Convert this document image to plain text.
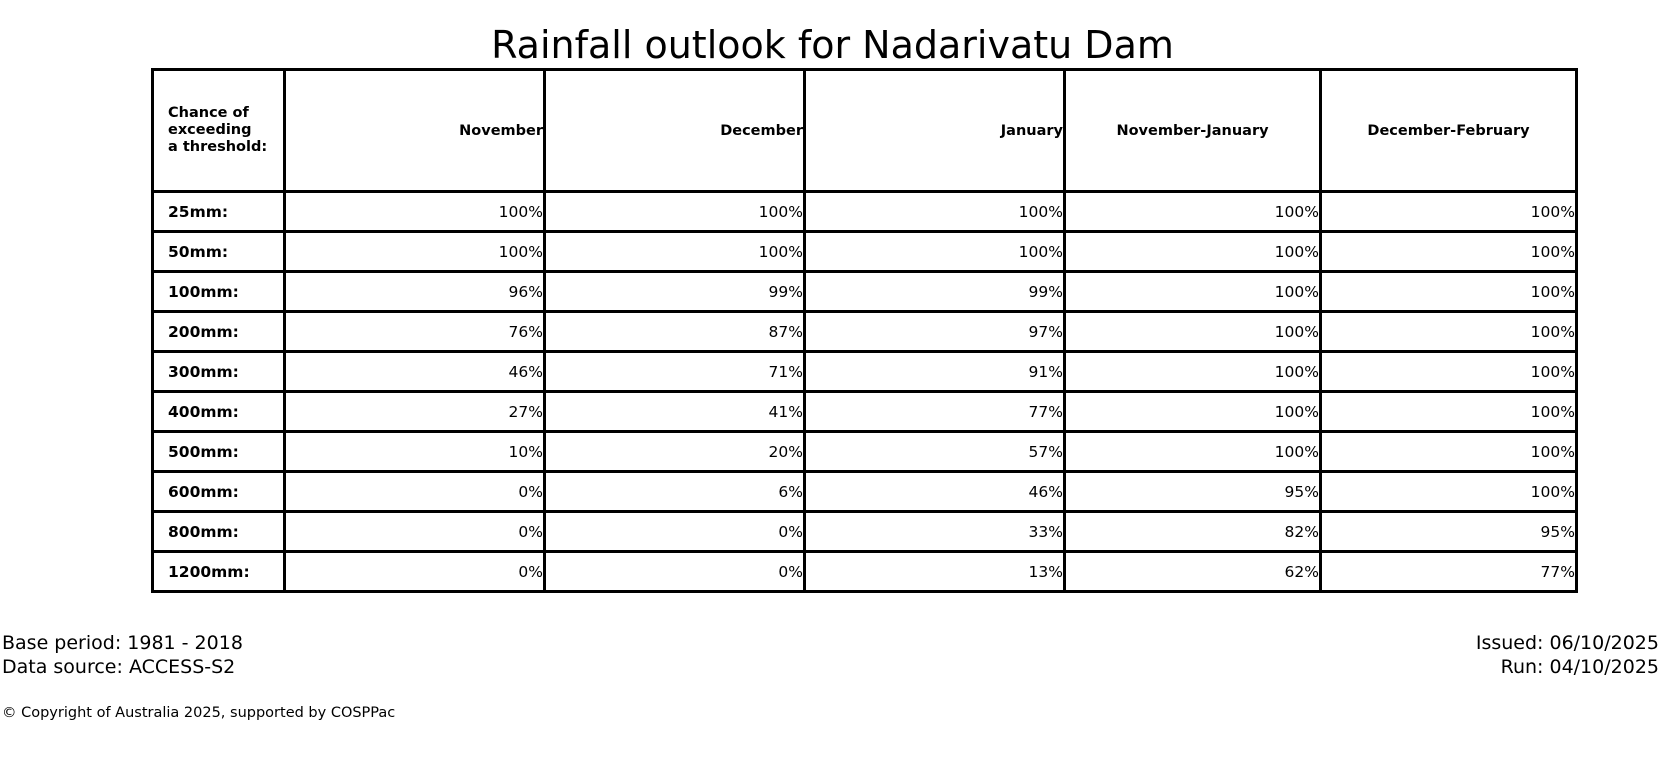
Rainfall outlook for Nadarivatu Dam
Chance of
exceeding
a threshold:	November	December	January	November-January	December-February
25mm:	100%	100%	100%	100%	100%
50mm:	100%	100%	100%	100%	100%
100mm:	96%	99%	99%	100%	100%
200mm:	76%	87%	97%	100%	100%
300mm:	46%	71%	91%	100%	100%
400mm:	27%	41%	77%	100%	100%
500mm:	10%	20%	57%	100%	100%
600mm:	0%	6%	46%	95%	100%
800mm:	0%	0%	33%	82%	95%
1200mm:	0%	0%	13%	62%	77%
Base period: 1981 - 2018
Data source: ACCESS-S2
Issued: 06/10/2025
Run: 04/10/2025
© Copyright of Australia 2025, supported by COSPPac
